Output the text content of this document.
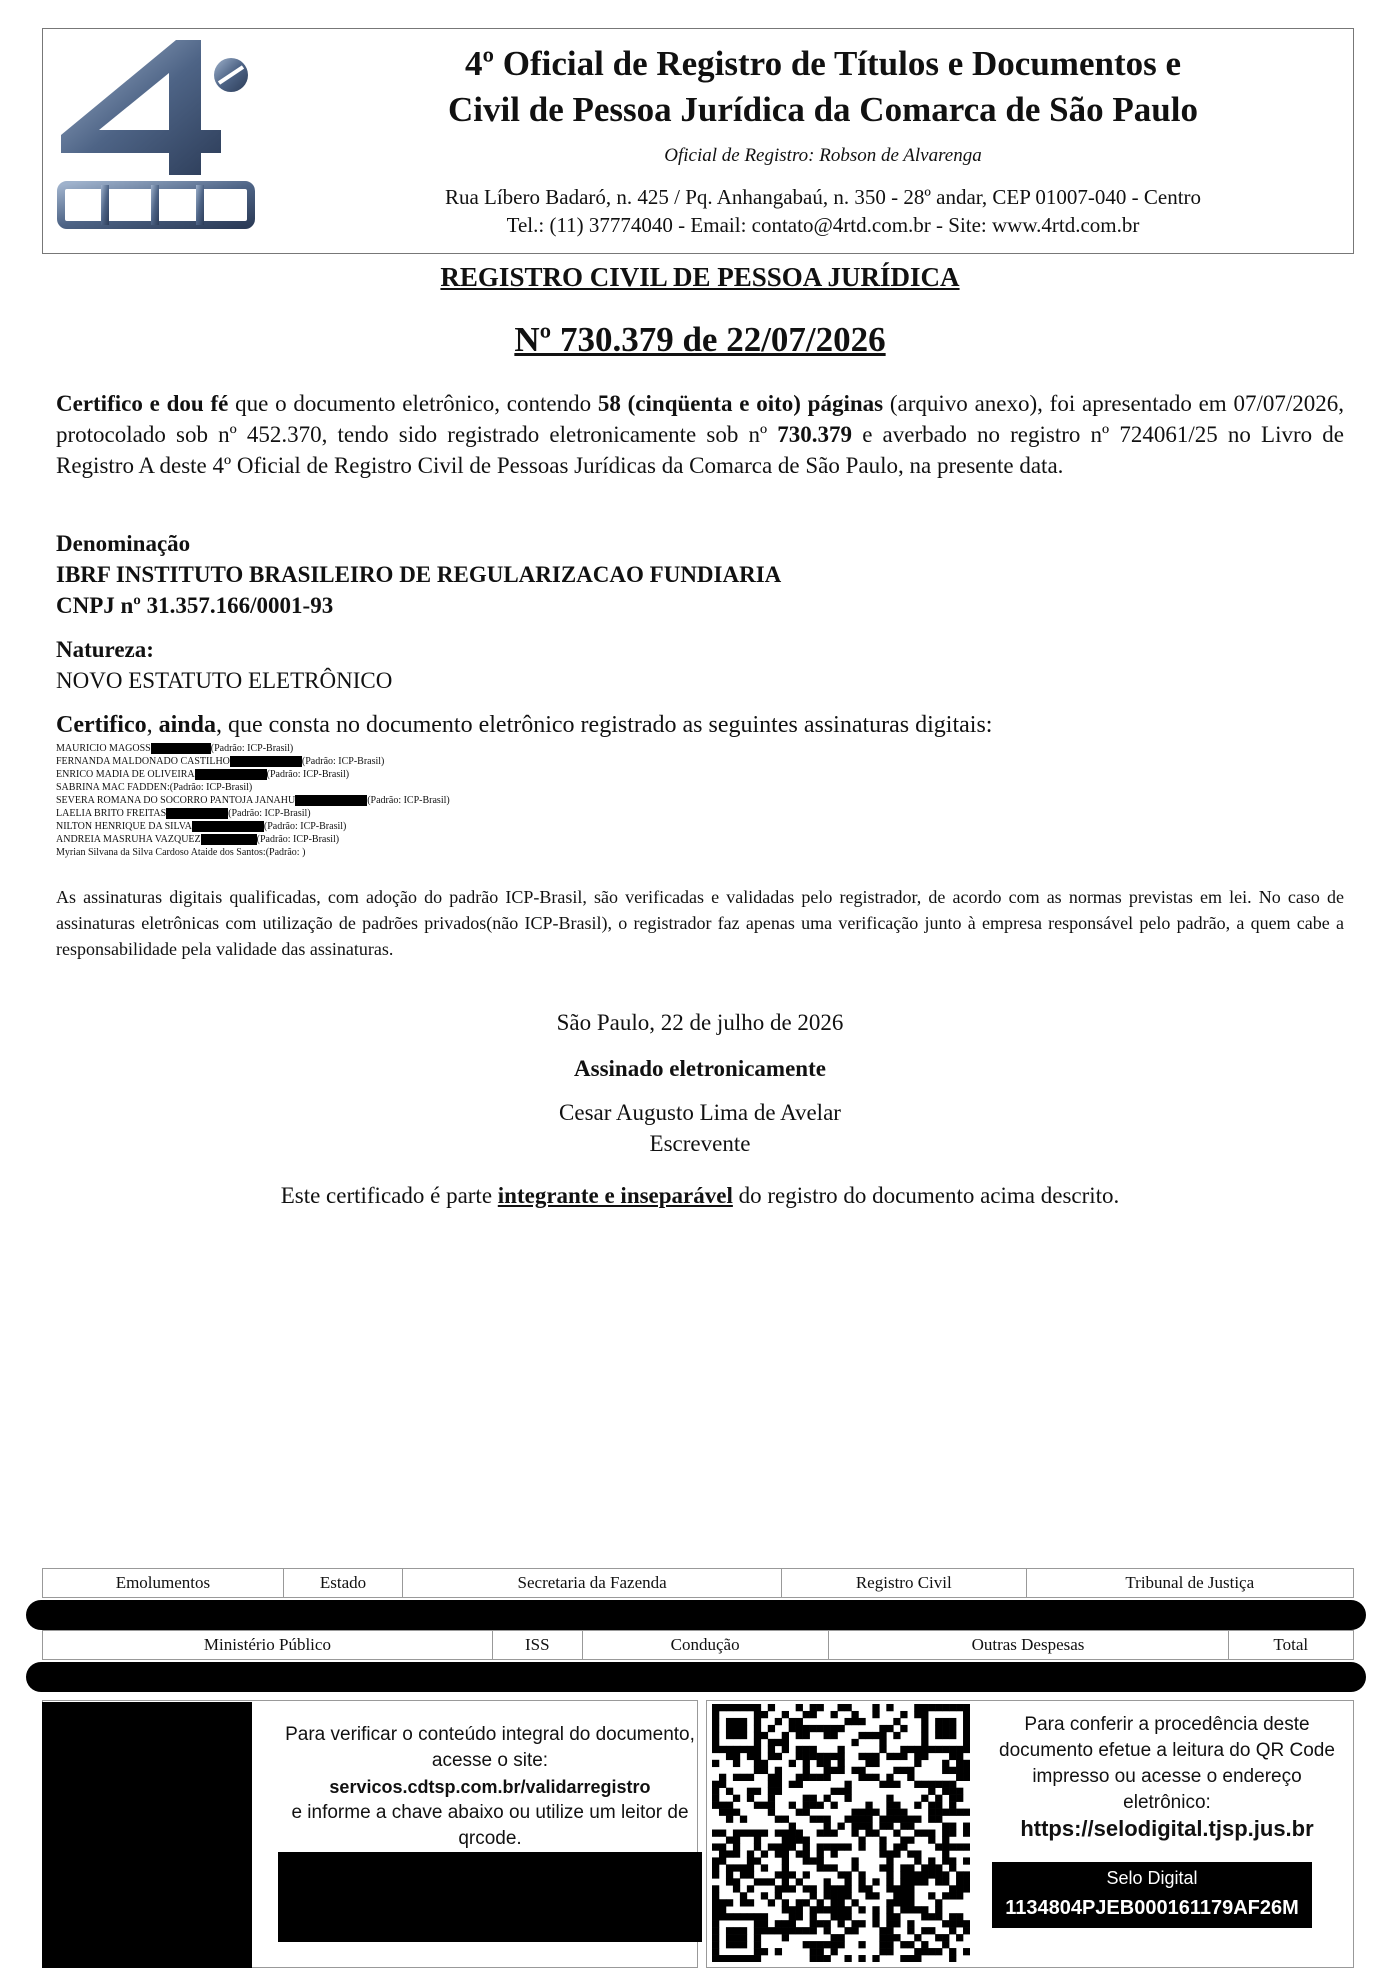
4º Oficial de Registro de Títulos e Documentos e
Civil de Pessoa Jurídica da Comarca de São Paulo
Oficial de Registro: Robson de Alvarenga
Rua Líbero Badaró, n. 425 / Pq. Anhangabaú, n. 350 - 28º andar, CEP 01007-040 - Centro
Tel.: (11) 37774040 - Email: contato@4rtd.com.br - Site: www.4rtd.com.br
REGISTRO CIVIL DE PESSOA JURÍDICA
Nº 730.379 de 22/07/2026
Certifico e dou fé que o documento eletrônico, contendo 58 (cinqüenta e oito) páginas (arquivo anexo), foi apresentado em 07/07/2026, protocolado sob nº 452.370, tendo sido registrado eletronicamente sob nº 730.379 e averbado no registro nº 724061/25 no Livro de Registro A deste 4º Oficial de Registro Civil de Pessoas Jurídicas da Comarca de São Paulo, na presente data.
Denominação
IBRF INSTITUTO BRASILEIRO DE REGULARIZACAO FUNDIARIA
CNPJ nº 31.357.166/0001-93
Natureza:
NOVO ESTATUTO ELETRÔNICO
Certifico, ainda, que consta no documento eletrônico registrado as seguintes assinaturas digitais:
MAURICIO MAGOSS	(Padrão: ICP-Brasil)
FERNANDA MALDONADO CASTILHO	(Padrão: ICP-Brasil)
ENRICO MADIA DE OLIVEIRA	(Padrão: ICP-Brasil)
SABRINA MAC FADDEN:(Padrão: ICP-Brasil)
SEVERA ROMANA DO SOCORRO PANTOJA JANAHU	(Padrão: ICP-Brasil)
LAELIA BRITO FREITAS	(Padrão: ICP-Brasil)
NILTON HENRIQUE DA SILVA	(Padrão: ICP-Brasil)
ANDREIA MASRUHA VAZQUEZ	(Padrão: ICP-Brasil)
Myrian Silvana da Silva Cardoso Ataide dos Santos:(Padrão: )
As assinaturas digitais qualificadas, com adoção do padrão ICP-Brasil, são verificadas e validadas pelo registrador, de acordo com as normas previstas em lei. No caso de assinaturas eletrônicas com utilização de padrões privados(não ICP-Brasil), o registrador faz apenas uma verificação junto à empresa responsável pelo padrão, a quem cabe a responsabilidade pela validade das assinaturas.
São Paulo, 22 de julho de 2026
Assinado eletronicamente
Cesar Augusto Lima de Avelar
Escrevente
Este certificado é parte integrante e inseparável do registro do documento acima descrito.
Emolumentos	Estado	Secretaria da Fazenda	Registro Civil	Tribunal de Justiça
Ministério Público	ISS	Condução	Outras Despesas	Total
Para verificar o conteúdo integral do documento, acesse o site:
servicos.cdtsp.com.br/validarregistro
e informe a chave abaixo ou utilize um leitor de qrcode.
Para conferir a procedência deste documento efetue a leitura do QR Code impresso ou acesse o endereço eletrônico:
https://selodigital.tjsp.jus.br
Selo Digital
1134804PJEB000161179AF26M
